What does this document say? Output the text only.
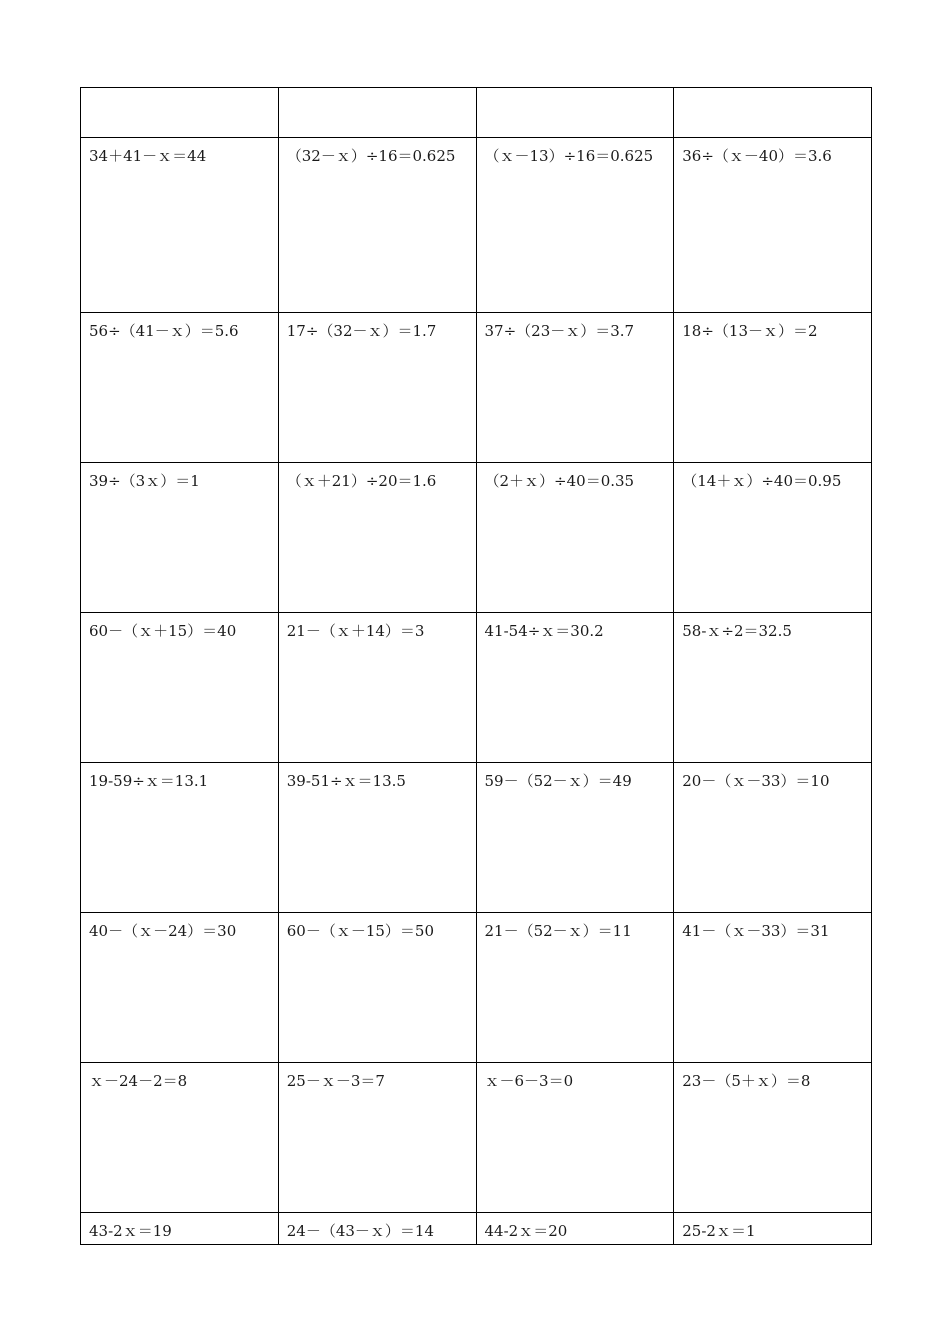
34＋41－ｘ＝44	（32－ｘ）÷16＝0.625	（ｘ－13）÷16＝0.625	36÷（ｘ－40）＝3.6
56÷（41－ｘ）＝5.6	17÷（32－ｘ）＝1.7	37÷（23－ｘ）＝3.7	18÷（13－ｘ）＝2
39÷（3ｘ）＝1	（ｘ＋21）÷20＝1.6	（2＋ｘ）÷40＝0.35	（14＋ｘ）÷40＝0.95
60－（ｘ＋15）＝40	21－（ｘ＋14）＝3	41-54÷ｘ＝30.2	58-ｘ÷2＝32.5
19-59÷ｘ＝13.1	39-51÷ｘ＝13.5	59－（52－ｘ）＝49	20－（ｘ－33）＝10
40－（ｘ－24）＝30	60－（ｘ－15）＝50	21－（52－ｘ）＝11	41－（ｘ－33）＝31
ｘ－24－2＝8	25－ｘ－3＝7	ｘ－6－3＝0	23－（5＋ｘ）＝8
43-2ｘ＝19	24－（43－ｘ）＝14	44-2ｘ＝20	25-2ｘ＝1
